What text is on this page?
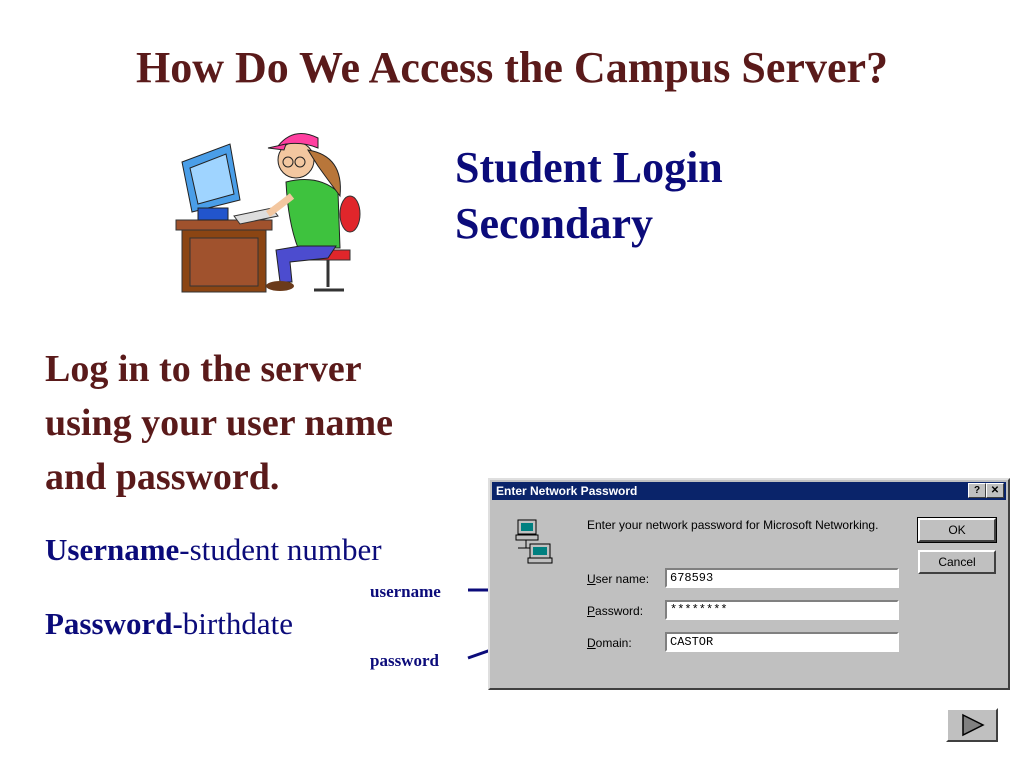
How Do We Access the Campus Server?
Student Login
Secondary
Log in to the server
using your user name
and password.
Username-student number
Password-birthdate
username
password
Enter Network Password	?	✕
Enter your network password for Microsoft Networking.
User name:	678593
Password:	********
Domain:	CASTOR
OK
Cancel
